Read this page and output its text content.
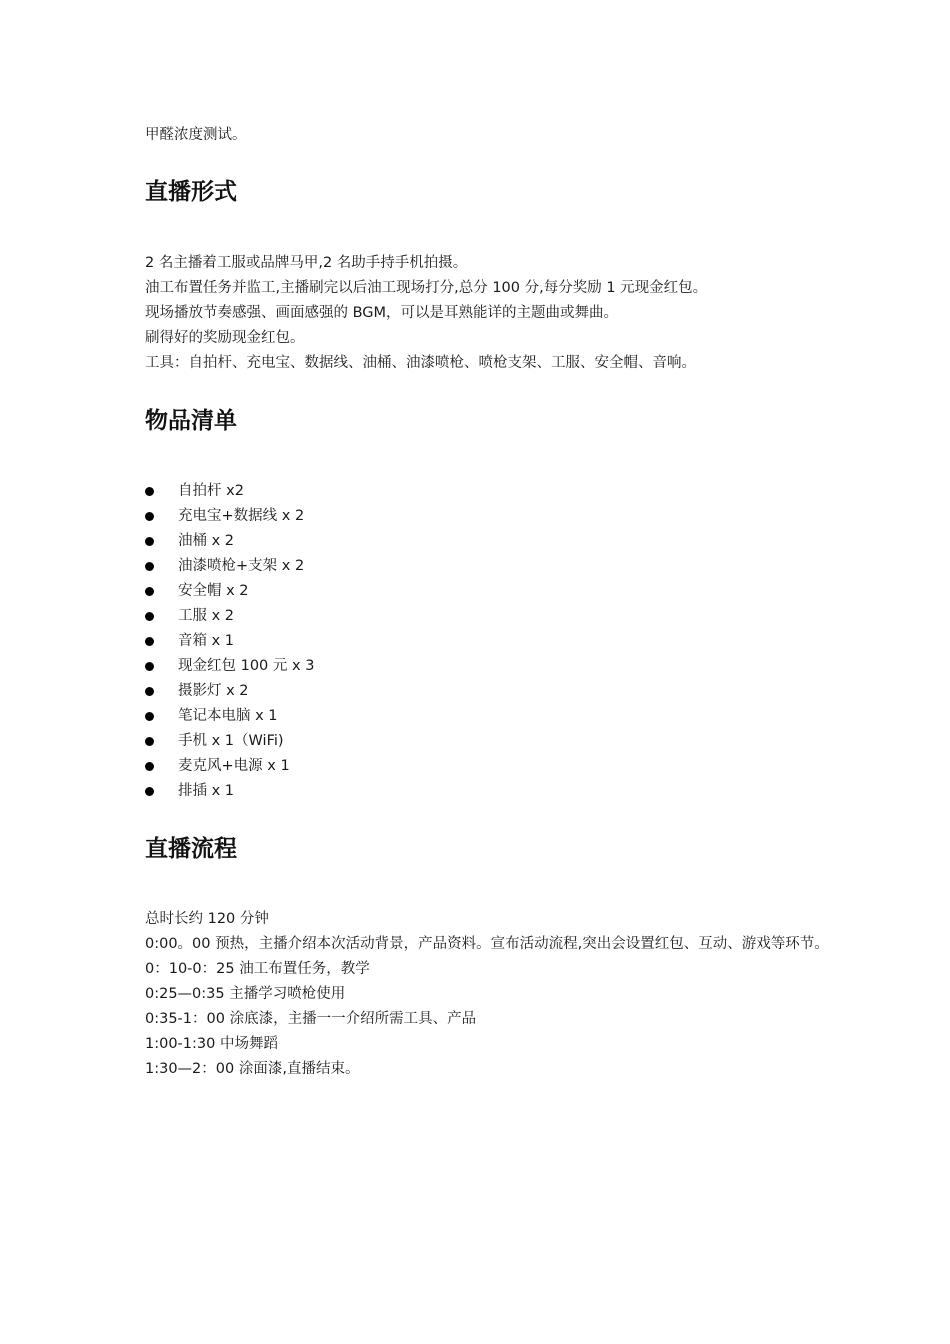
甲醛浓度测试。

直播形式

2 名主播着工服或品牌马甲,2 名助手持手机拍摄。

油工布置任务并监工,主播刷完以后油工现场打分,总分 100 分,每分奖励 1 元现金红包。

现场播放节奏感强、画面感强的 BGM，可以是耳熟能详的主题曲或舞曲。

刷得好的奖励现金红包。

工具：自拍杆、充电宝、数据线、油桶、油漆喷枪、喷枪支架、工服、安全帽、音响。

物品清单
自拍杆 x2
充电宝+数据线 x 2
油桶 x 2
油漆喷枪+支架 x 2
安全帽 x 2
工服 x 2
音箱 x 1
现金红包 100 元 x 3
摄影灯 x 2
笔记本电脑 x 1
手机 x 1（WiFi)
麦克风+电源 x 1
排插 x 1
直播流程

总时长约 120 分钟

0:00。00 预热，主播介绍本次活动背景，产品资料。宣布活动流程,突出会设置红包、互动、游戏等环节。

0：10-0：25 油工布置任务，教学

0:25—0:35 主播学习喷枪使用

0:35-1：00 涂底漆，主播一一介绍所需工具、产品

1:00-1:30 中场舞蹈

1:30—2：00 涂面漆,直播结束。
